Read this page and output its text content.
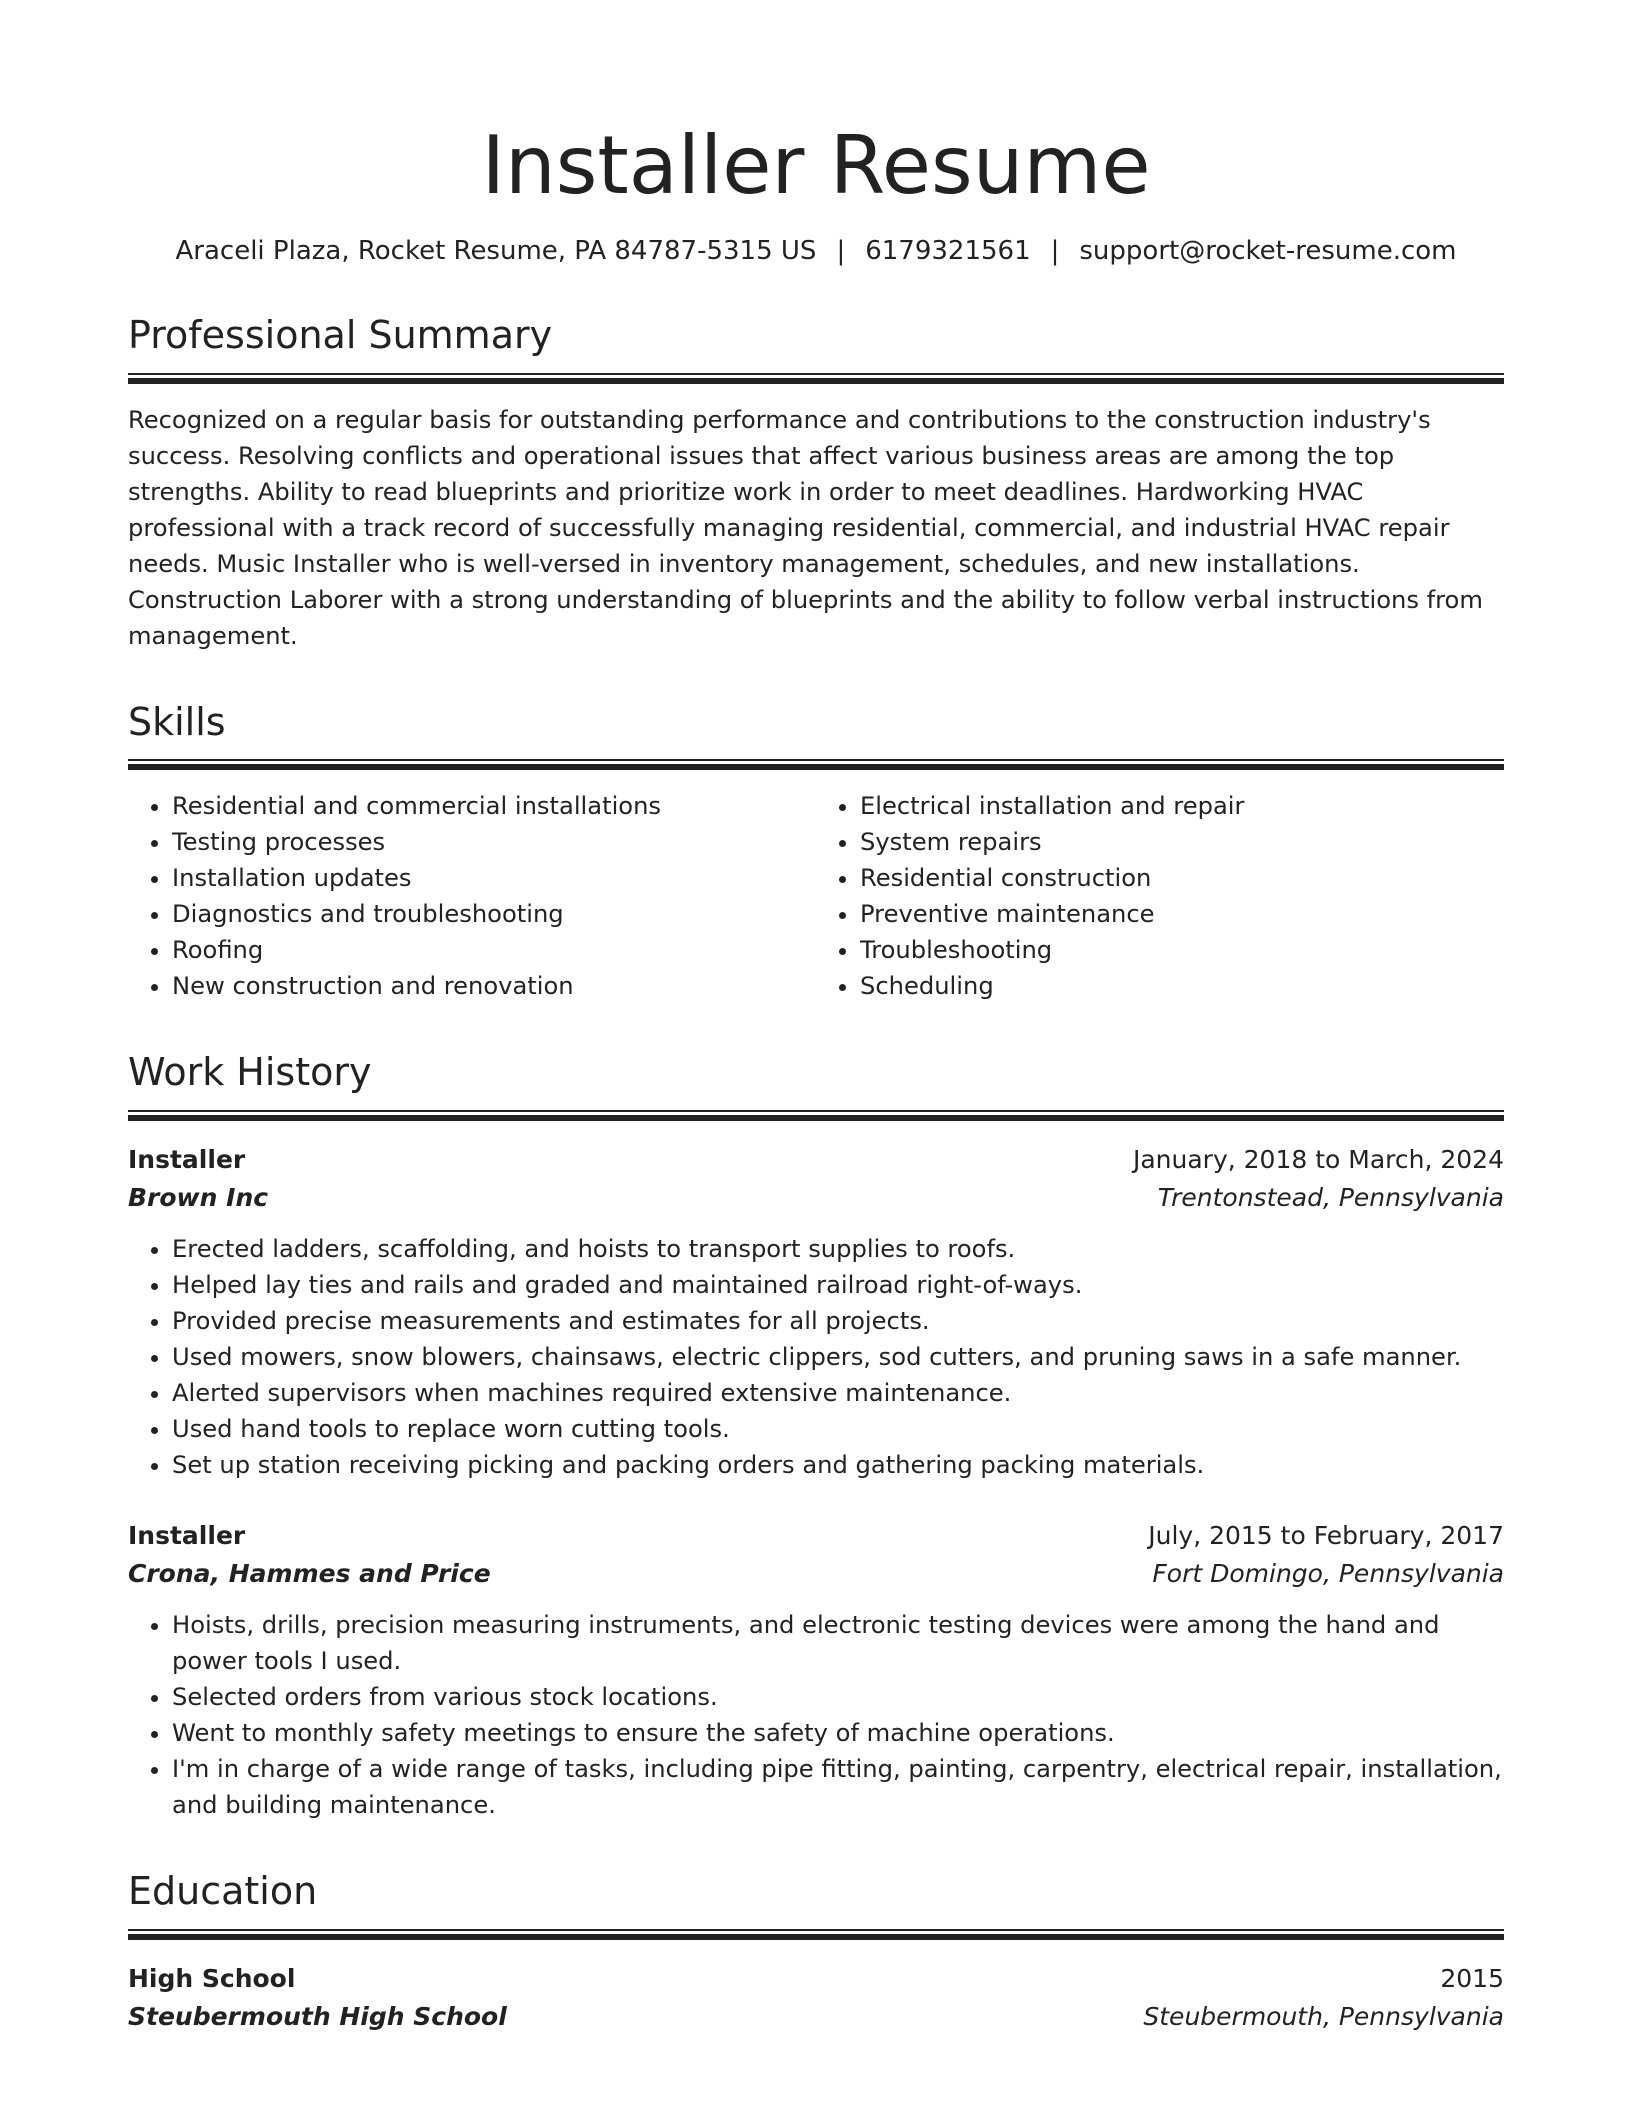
Installer Resume
Araceli Plaza, Rocket Resume, PA 84787-5315 US | 6179321561 | support@rocket-resume.com
Professional Summary
Recognized on a regular basis for outstanding performance and contributions to the construction industry's success. Resolving conflicts and operational issues that affect various business areas are among the top strengths. Ability to read blueprints and prioritize work in order to meet deadlines. Hardworking HVAC professional with a track record of successfully managing residential, commercial, and industrial HVAC repair needs. Music Installer who is well-versed in inventory management, schedules, and new installations. Construction Laborer with a strong understanding of blueprints and the ability to follow verbal instructions from management.
Skills
• Residential and commercial installations
• Testing processes
• Installation updates
• Diagnostics and troubleshooting
• Roofing
• New construction and renovation
• Electrical installation and repair
• System repairs
• Residential construction
• Preventive maintenance
• Troubleshooting
• Scheduling
Work History
Installer	January, 2018 to March, 2024
Brown Inc	Trentonstead, Pennsylvania
• Erected ladders, scaffolding, and hoists to transport supplies to roofs.
• Helped lay ties and rails and graded and maintained railroad right-of-ways.
• Provided precise measurements and estimates for all projects.
• Used mowers, snow blowers, chainsaws, electric clippers, sod cutters, and pruning saws in a safe manner.
• Alerted supervisors when machines required extensive maintenance.
• Used hand tools to replace worn cutting tools.
• Set up station receiving picking and packing orders and gathering packing materials.
Installer	July, 2015 to February, 2017
Crona, Hammes and Price	Fort Domingo, Pennsylvania
• Hoists, drills, precision measuring instruments, and electronic testing devices were among the hand and power tools I used.
• Selected orders from various stock locations.
• Went to monthly safety meetings to ensure the safety of machine operations.
• I'm in charge of a wide range of tasks, including pipe fitting, painting, carpentry, electrical repair, installation, and building maintenance.
Education
High School	2015
Steubermouth High School	Steubermouth, Pennsylvania
